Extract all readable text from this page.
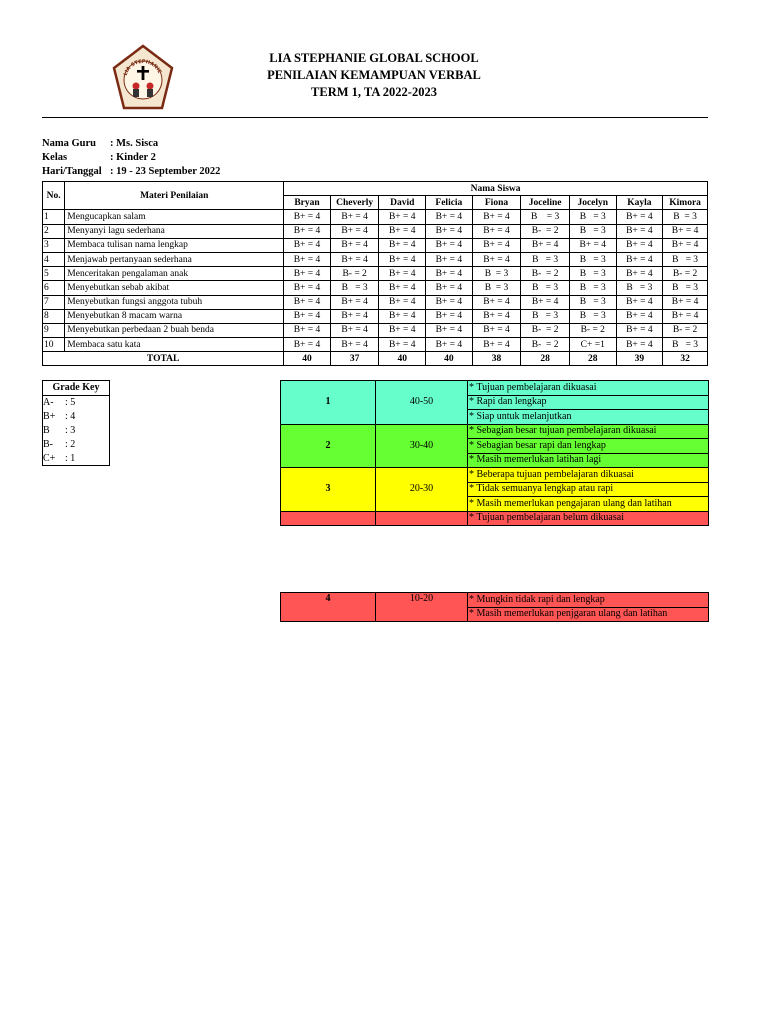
LIA STEPHANIE
LIA STEPHANIE GLOBAL SCHOOL
PENILAIAN KEMAMPUAN VERBAL
TERM 1, TA 2022-2023
Nama Guru : Ms. Sisca
Kelas	: Kinder 2
Hari/Tanggal : 19 - 23 September 2022
No.	Materi Penilaian	Nama Siswa								
		Bryan	Cheverly	David	Felicia	Fiona	Joceline	Jocelyn	Kayla	Kimora
1	Mengucapkan salam	B+ = 4	B+ = 4	B+ = 4	B+ = 4	B+ = 4	B    = 3	B   = 3	B+ = 4	B  = 3
2	Menyanyi lagu sederhana	B+ = 4	B+ = 4	B+ = 4	B+ = 4	B+ = 4	B-  = 2	B   = 3	B+ = 4	B+ = 4
3	Membaca tulisan nama lengkap	B+ = 4	B+ = 4	B+ = 4	B+ = 4	B+ = 4	B+ = 4	B+ = 4	B+ = 4	B+ = 4
4	Menjawab pertanyaan sederhana	B+ = 4	B+ = 4	B+ = 4	B+ = 4	B+ = 4	B   = 3	B   = 3	B+ = 4	B   = 3
5	Menceritakan pengalaman anak	B+ = 4	B- = 2	B+ = 4	B+ = 4	B  = 3	B-  = 2	B   = 3	B+ = 4	B- = 2
6	Menyebutkan sebab akibat	B+ = 4	B   = 3	B+ = 4	B+ = 4	B  = 3	B   = 3	B   = 3	B   = 3	B   = 3
7	Menyebutkan fungsi anggota tubuh	B+ = 4	B+ = 4	B+ = 4	B+ = 4	B+ = 4	B+ = 4	B   = 3	B+ = 4	B+ = 4
8	Menyebutkan 8 macam warna	B+ = 4	B+ = 4	B+ = 4	B+ = 4	B+ = 4	B   = 3	B   = 3	B+ = 4	B+ = 4
9	Menyebutkan perbedaan 2 buah benda	B+ = 4	B+ = 4	B+ = 4	B+ = 4	B+ = 4	B-  = 2	B- = 2	B+ = 4	B- = 2
10	Membaca satu kata	B+ = 4	B+ = 4	B+ = 4	B+ = 4	B+ = 4	B-  = 2	C+ =1	B+ = 4	B   = 3
TOTAL		40	37	40	40	38	28	28	39	32
Grade Key
A- : 5
B+ : 4
B : 3
B- : 2
C+ : 1
1	40-50	* Tujuan pembelajaran dikuasai
		* Rapi dan lengkap
		* Siap untuk melanjutkan
2	30-40	* Sebagian besar tujuan pembelajaran dikuasai
		* Sebagian besar rapi dan lengkap
		* Masih memerlukan latihan lagi
3	20-30	* Beberapa tujuan pembelajaran dikuasai
		* Tidak semuanya lengkap atau rapi
		* Masih memerlukan pengajaran ulang dan latihan
		* Tujuan pembelajaran belum dikuasai
4	10-20	* Mungkin tidak rapi dan lengkap
* Masih memerlukan penjgaran ulang dan latihan
